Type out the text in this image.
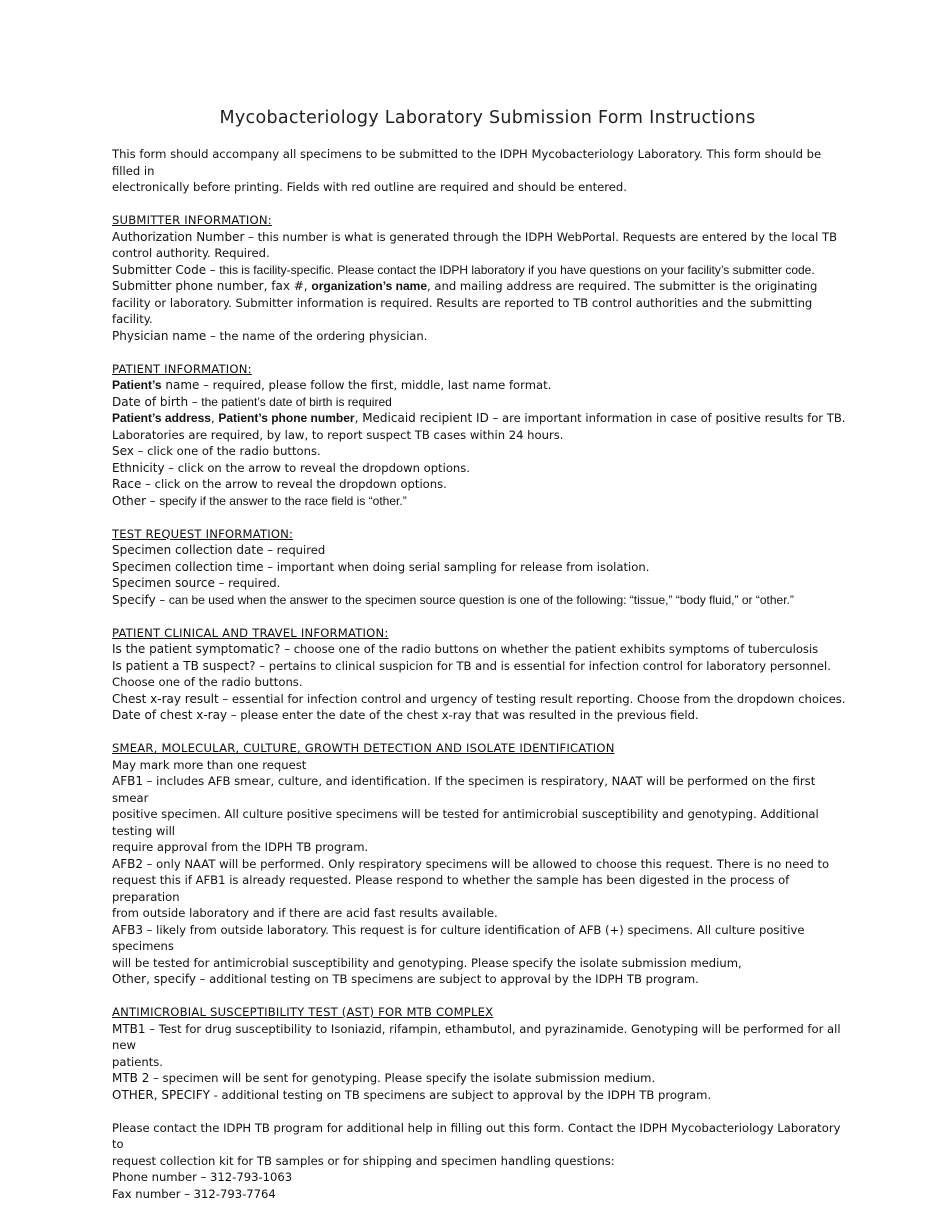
Mycobacteriology Laboratory Submission Form Instructions

This form should accompany all specimens to be submitted to the IDPH Mycobacteriology Laboratory. This form should be filled in

electronically before printing. Fields with red outline are required and should be entered.

SUBMITTER INFORMATION:

Authorization Number – this number is what is generated through the IDPH WebPortal. Requests are entered by the local TB

control authority. Required.

Submitter Code – this is facility-specific. Please contact the IDPH laboratory if you have questions on your facility’s submitter code.

Submitter phone number, fax #, organization’s name, and mailing address are required. The submitter is the originating

facility or laboratory. Submitter information is required. Results are reported to TB control authorities and the submitting facility.

Physician name – the name of the ordering physician.

PATIENT INFORMATION:

Patient’s name – required, please follow the first, middle, last name format.

Date of birth – the patient’s date of birth is required

Patient’s address, Patient’s phone number, Medicaid recipient ID – are important information in case of positive results for TB.

Laboratories are required, by law, to report suspect TB cases within 24 hours.

Sex – click one of the radio buttons.

Ethnicity – click on the arrow to reveal the dropdown options.

Race – click on the arrow to reveal the dropdown options.

Other – specify if the answer to the race field is “other.”

TEST REQUEST INFORMATION:

Specimen collection date – required

Specimen collection time – important when doing serial sampling for release from isolation.

Specimen source – required.

Specify – can be used when the answer to the specimen source question is one of the following: “tissue,” “body fluid,” or “other.”

PATIENT CLINICAL AND TRAVEL INFORMATION:

Is the patient symptomatic? – choose one of the radio buttons on whether the patient exhibits symptoms of tuberculosis

Is patient a TB suspect? – pertains to clinical suspicion for TB and is essential for infection control for laboratory personnel.

Choose one of the radio buttons.

Chest x-ray result – essential for infection control and urgency of testing result reporting. Choose from the dropdown choices.

Date of chest x-ray – please enter the date of the chest x-ray that was resulted in the previous field.

SMEAR, MOLECULAR, CULTURE, GROWTH DETECTION AND ISOLATE IDENTIFICATION

May mark more than one request

AFB1 – includes AFB smear, culture, and identification. If the specimen is respiratory, NAAT will be performed on the first smear

positive specimen. All culture positive specimens will be tested for antimicrobial susceptibility and genotyping. Additional testing will

require approval from the IDPH TB program.

AFB2 – only NAAT will be performed. Only respiratory specimens will be allowed to choose this request. There is no need to

request this if AFB1 is already requested. Please respond to whether the sample has been digested in the process of preparation

from outside laboratory and if there are acid fast results available.

AFB3 – likely from outside laboratory. This request is for culture identification of AFB (+) specimens. All culture positive specimens

will be tested for antimicrobial susceptibility and genotyping. Please specify the isolate submission medium,

Other, specify – additional testing on TB specimens are subject to approval by the IDPH TB program.

ANTIMICROBIAL SUSCEPTIBILITY TEST (AST) FOR MTB COMPLEX

MTB1 – Test for drug susceptibility to Isoniazid, rifampin, ethambutol, and pyrazinamide. Genotyping will be performed for all new

patients.

MTB 2 – specimen will be sent for genotyping. Please specify the isolate submission medium.

OTHER, SPECIFY - additional testing on TB specimens are subject to approval by the IDPH TB program.

Please contact the IDPH TB program for additional help in filling out this form. Contact the IDPH Mycobacteriology Laboratory to

request collection kit for TB samples or for shipping and specimen handling questions:

Phone number – 312-793-1063

Fax number – 312-793-7764
